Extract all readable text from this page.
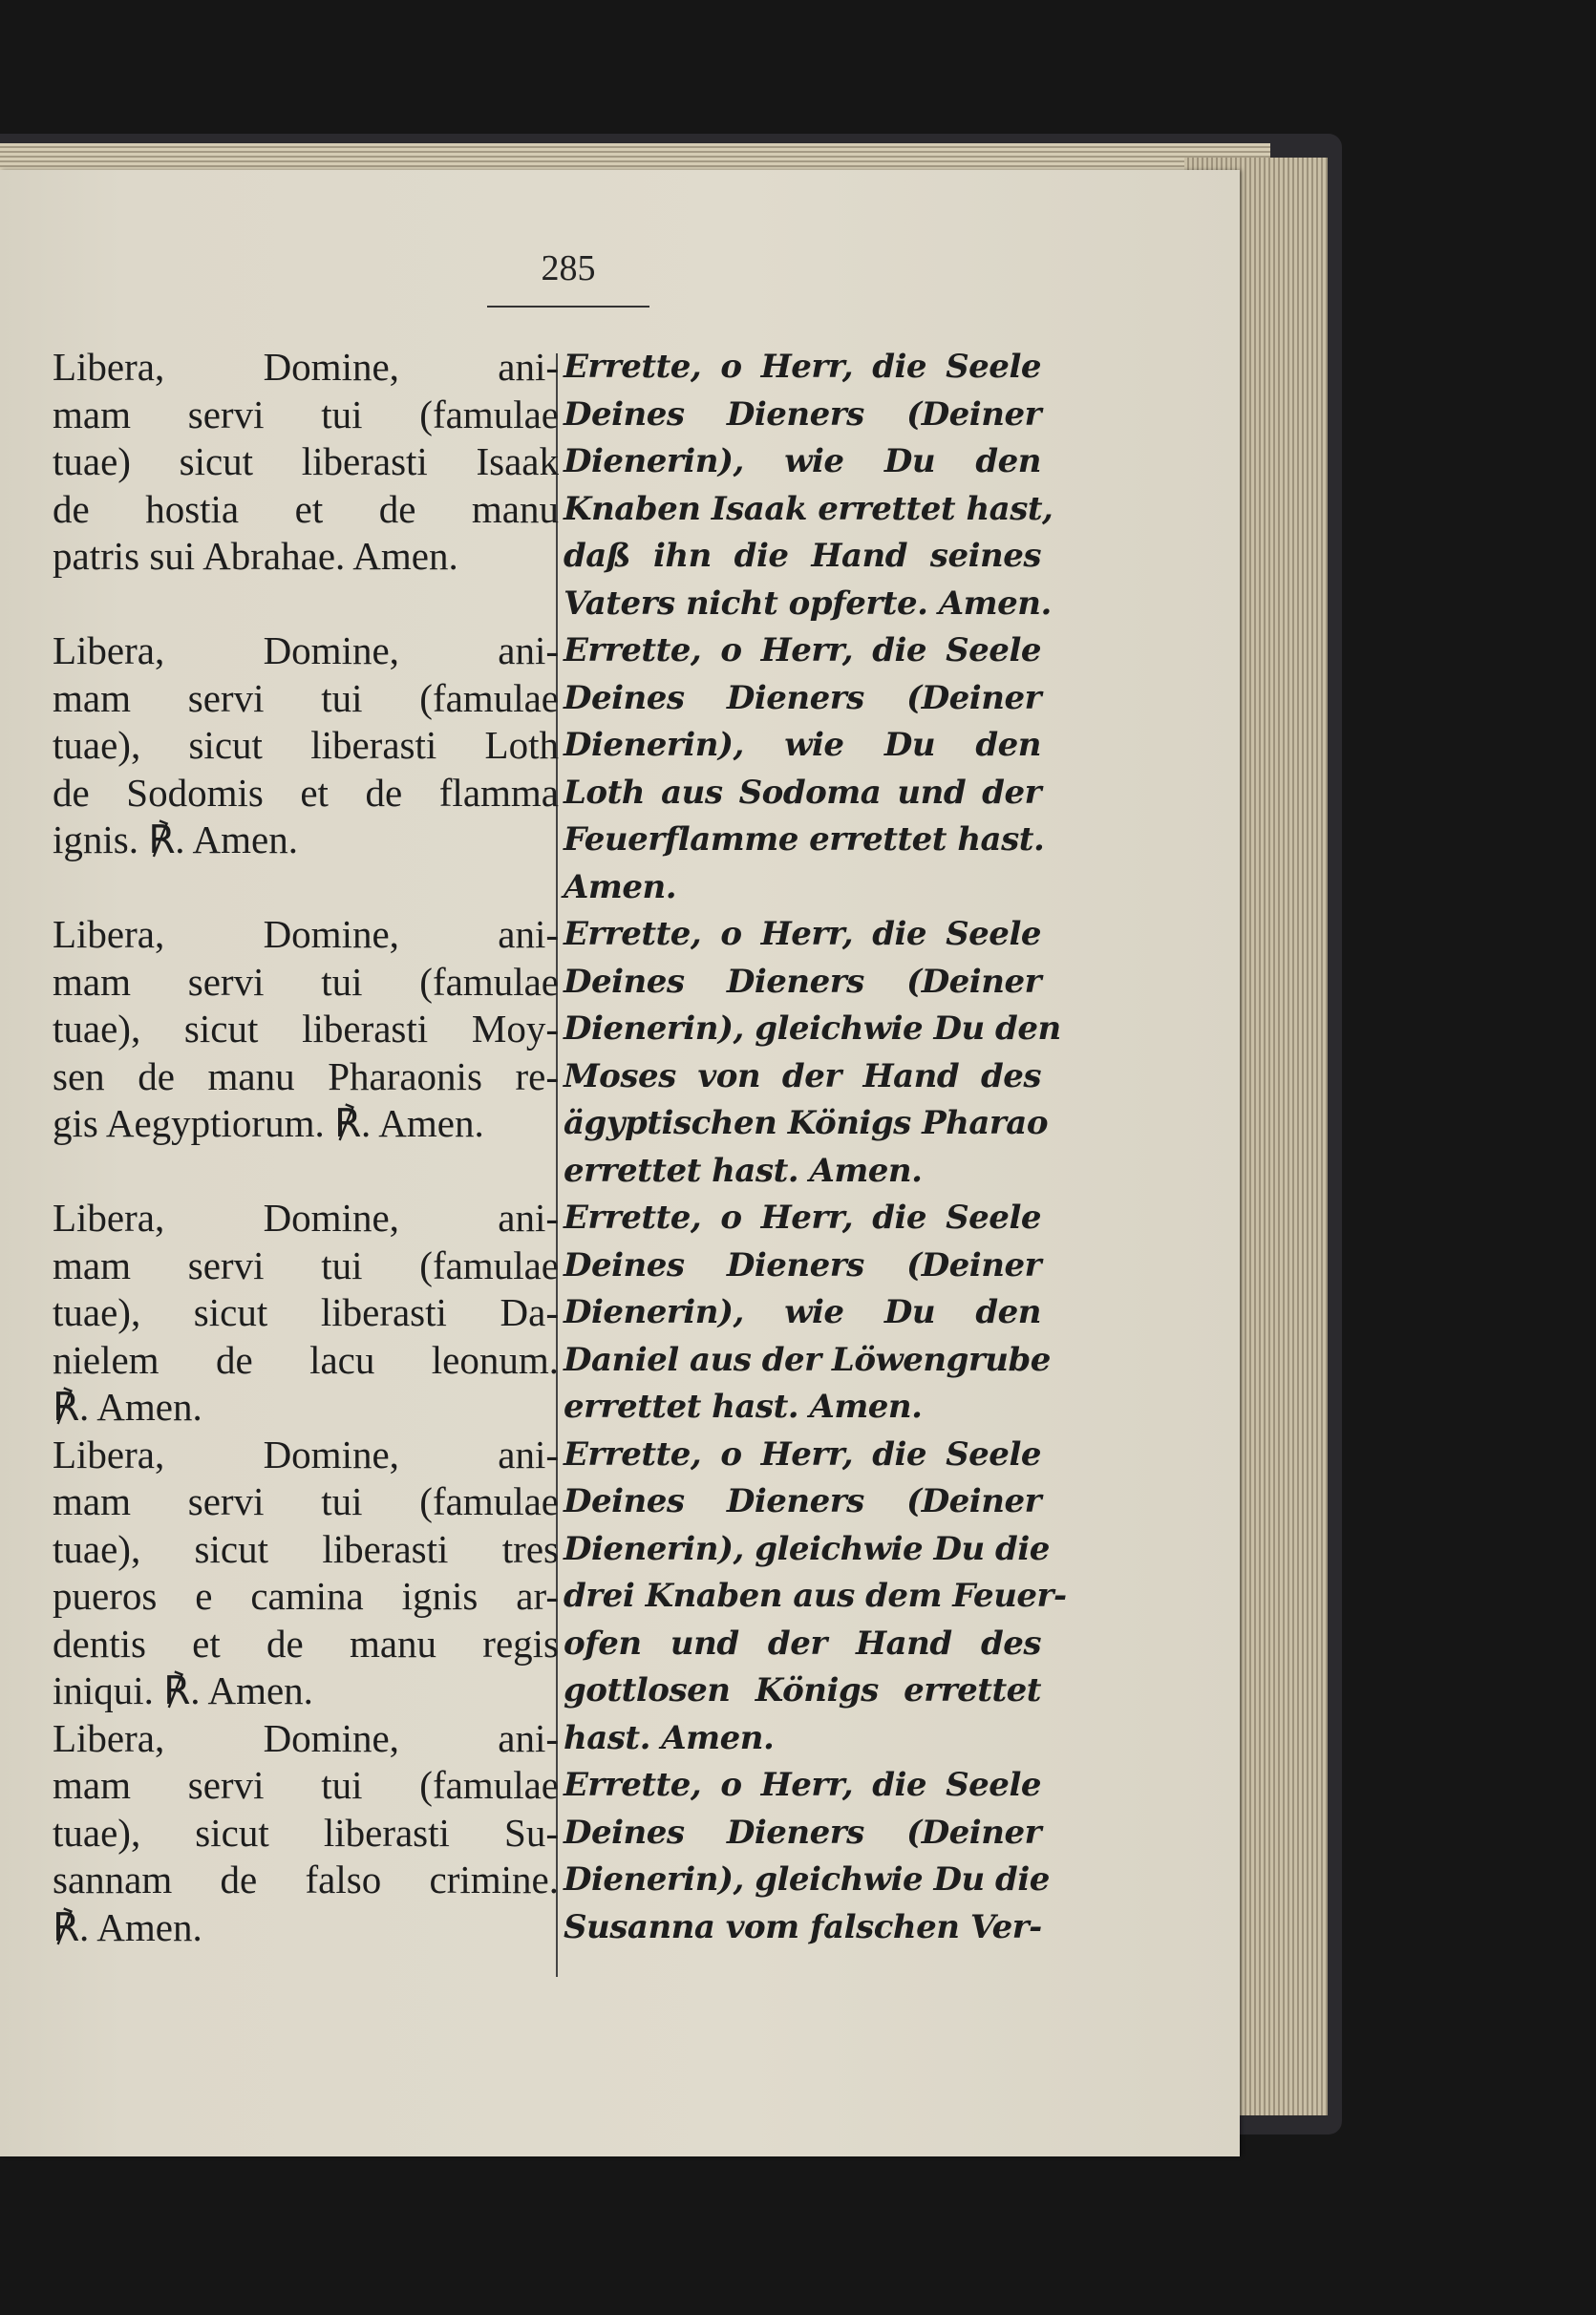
285
Libera, Domine, ani-
mam servi tui (famulae
tuae) sicut liberasti Isaak
de hostia et de manu
patris sui Abrahae. Amen.
Libera, Domine, ani-
mam servi tui (famulae
tuae), sicut liberasti Loth
de Sodomis et de flamma
ignis. ℟. Amen.
Libera, Domine, ani-
mam servi tui (famulae
tuae), sicut liberasti Moy-
sen de manu Pharaonis re-
gis Aegyptiorum. ℟. Amen.
Libera, Domine, ani-
mam servi tui (famulae
tuae), sicut liberasti Da-
nielem de lacu leonum.
℟. Amen.
Libera, Domine, ani-
mam servi tui (famulae
tuae), sicut liberasti tres
pueros e camina ignis ar-
dentis et de manu regis
iniqui. ℟. Amen.
Libera, Domine, ani-
mam servi tui (famulae
tuae), sicut liberasti Su-
sannam de falso crimine.
℟. Amen.
Errette, o Herr, die Seele
Deines Dieners (Deiner
Dienerin), wie Du den
Knaben Isaak errettet hast,
daß ihn die Hand seines
Vaters nicht opferte. Amen.
Errette, o Herr, die Seele
Deines Dieners (Deiner
Dienerin), wie Du den
Loth aus Sodoma und der
Feuerflamme errettet hast.
Amen.
Errette, o Herr, die Seele
Deines Dieners (Deiner
Dienerin), gleichwie Du den
Moses von der Hand des
ägyptischen Königs Pharao
errettet hast. Amen.
Errette, o Herr, die Seele
Deines Dieners (Deiner
Dienerin), wie Du den
Daniel aus der Löwengrube
errettet hast. Amen.
Errette, o Herr, die Seele
Deines Dieners (Deiner
Dienerin), gleichwie Du die
drei Knaben aus dem Feuer-
ofen und der Hand des
gottlosen Königs errettet
hast. Amen.
Errette, o Herr, die Seele
Deines Dieners (Deiner
Dienerin), gleichwie Du die
Susanna vom falschen Ver-
